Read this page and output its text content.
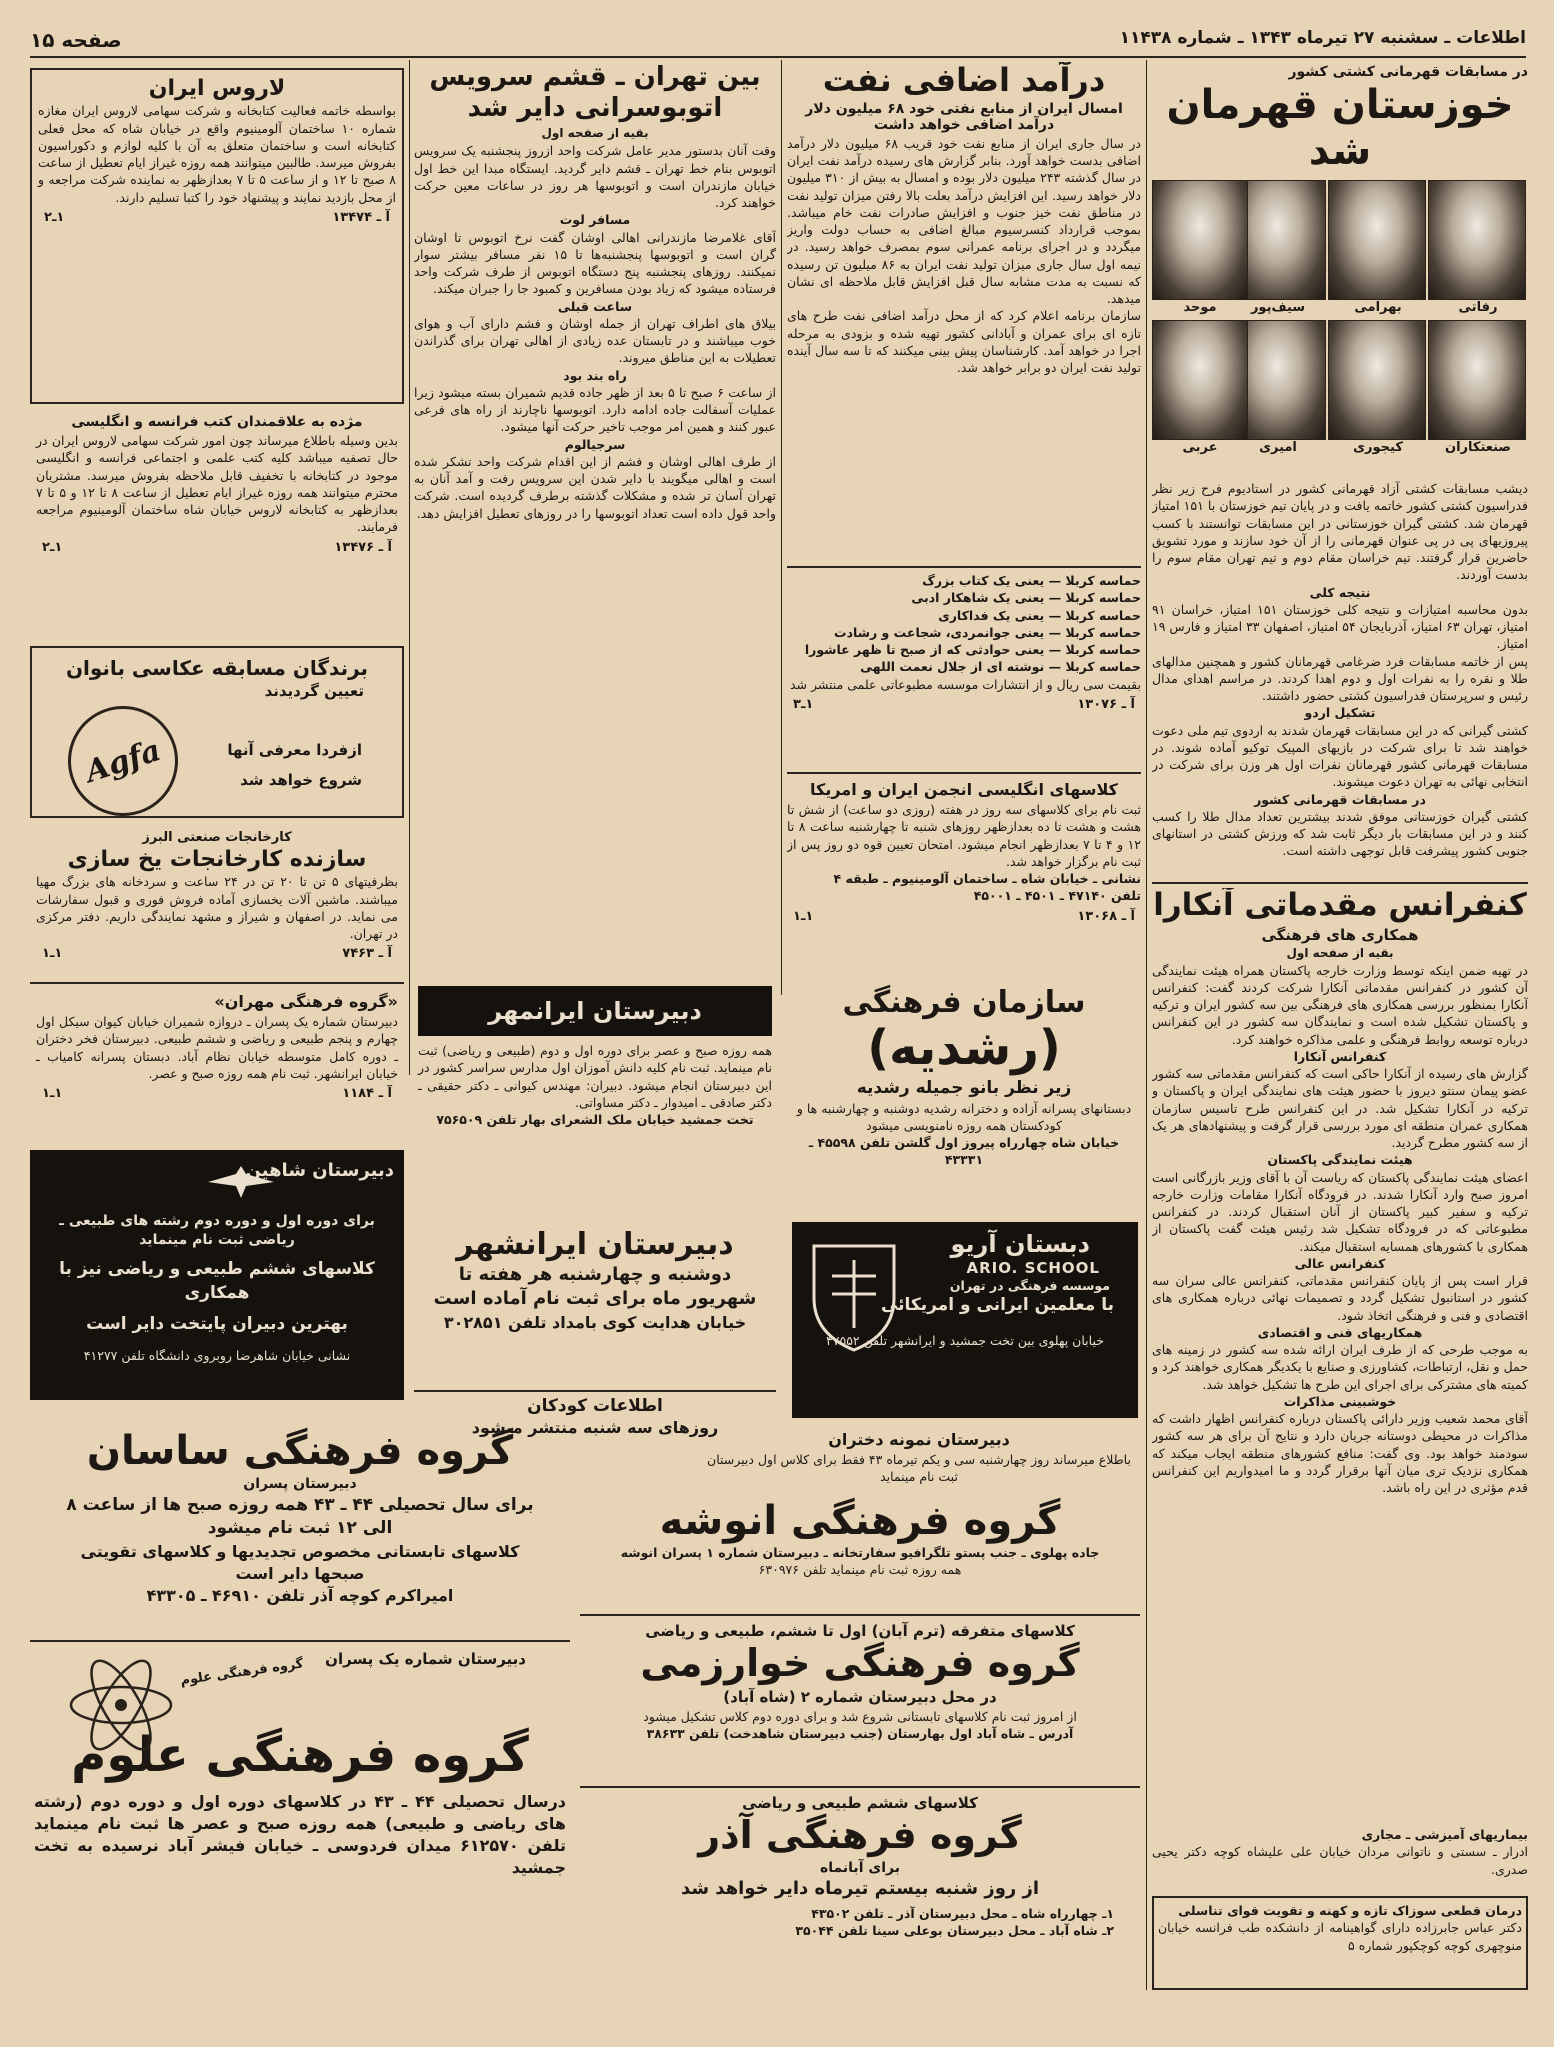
اطلاعات ـ سشنبه ۲۷ تیرماه ۱۳۴۳ ـ شماره ۱۱۴۳۸
صفحه ۱۵
در مسابقات قهرمانی کشتی کشور
خوزستان قهرمان شد
رفاتی
بهرامی
سیف‌پور
موحد
صنعتکاران
کیجوری
امیری
عربی

دیشب مسابقات کشتی آزاد قهرمانی کشور در استادیوم فرح زیر نظر فدراسیون کشتی کشور خاتمه یافت و در پایان تیم خوزستان با ۱۵۱ امتیاز قهرمان شد. کشتی گیران خوزستانی در این مسابقات توانستند با کسب پیروزیهای پی در پی عنوان قهرمانی را از آن خود سازند و مورد تشویق حاضرین قرار گرفتند. تیم خراسان مقام دوم و تیم تهران مقام سوم را بدست آوردند.

نتیجه کلی

بدون محاسبه امتیازات و نتیجه کلی خوزستان ۱۵۱ امتیاز، خراسان ۹۱ امتیاز، تهران ۶۳ امتیاز، آذربایجان ۵۴ امتیاز، اصفهان ۳۳ امتیاز و فارس ۱۹ امتیاز.

پس از خاتمه مسابقات فرد ضرغامی قهرمانان کشور و همچنین مدالهای طلا و نقره را به نفرات اول و دوم اهدا کردند. در مراسم اهدای مدال رئیس و سرپرستان فدراسیون کشتی حضور داشتند.

تشکیل اردو

کشتی گیرانی که در این مسابقات قهرمان شدند به اردوی تیم ملی دعوت خواهند شد تا برای شرکت در بازیهای المپیک توکیو آماده شوند. در مسابقات قهرمانی کشور قهرمانان نفرات اول هر وزن برای شرکت در انتخابی نهائی به تهران دعوت میشوند.

در مسابقات قهرمانی کشور

کشتی گیران خوزستانی موفق شدند بیشترین تعداد مدال طلا را کسب کنند و در این مسابقات بار دیگر ثابت شد که ورزش کشتی در استانهای جنوبی کشور پیشرفت قابل توجهی داشته است.

کنفرانس مقدماتی آنکارا
همکاری های فرهنگی
بقیه از صفحه اول

در تهیه ضمن اینکه توسط وزارت خارجه پاکستان همراه هیئت نمایندگی آن کشور در کنفرانس مقدماتی آنکارا شرکت کردند گفت: کنفرانس آنکارا بمنظور بررسی همکاری های فرهنگی بین سه کشور ایران و ترکیه و پاکستان تشکیل شده است و نمایندگان سه کشور در این کنفرانس درباره توسعه روابط فرهنگی و علمی مذاکره خواهند کرد.

کنفرانس آنکارا

گزارش های رسیده از آنکارا حاکی است که کنفرانس مقدماتی سه کشور عضو پیمان سنتو دیروز با حضور هیئت های نمایندگی ایران و پاکستان و ترکیه در آنکارا تشکیل شد. در این کنفرانس طرح تاسیس سازمان همکاری عمران منطقه ای مورد بررسی قرار گرفت و پیشنهادهای هر یک از سه کشور مطرح گردید.

هیئت نمایندگی پاکستان

اعضای هیئت نمایندگی پاکستان که ریاست آن با آقای وزیر بازرگانی است امروز صبح وارد آنکارا شدند. در فرودگاه آنکارا مقامات وزارت خارجه ترکیه و سفیر کبیر پاکستان از آنان استقبال کردند. در کنفرانس مطبوعاتی که در فرودگاه تشکیل شد رئیس هیئت گفت پاکستان از همکاری با کشورهای همسایه استقبال میکند.

کنفرانس عالی

قرار است پس از پایان کنفرانس مقدماتی، کنفرانس عالی سران سه کشور در استانبول تشکیل گردد و تصمیمات نهائی درباره همکاری های اقتصادی و فنی و فرهنگی اتخاذ شود.

همکاریهای فنی و اقتصادی

به موجب طرحی که از طرف ایران ارائه شده سه کشور در زمینه های حمل و نقل، ارتباطات، کشاورزی و صنایع با یکدیگر همکاری خواهند کرد و کمیته های مشترکی برای اجرای این طرح ها تشکیل خواهد شد.

خوشبینی مذاکرات

آقای محمد شعیب وزیر دارائی پاکستان درباره کنفرانس اظهار داشت که مذاکرات در محیطی دوستانه جریان دارد و نتایج آن برای هر سه کشور سودمند خواهد بود. وی گفت: منافع کشورهای منطقه ایجاب میکند که همکاری نزدیک تری میان آنها برقرار گردد و ما امیدواریم این کنفرانس قدم مؤثری در این راه باشد.

درآمد اضافی نفت
امسال ایران از منابع نفتی خود ۶۸ میلیون دلار درآمد اضافی خواهد داشت

در سال جاری ایران از منابع نفت خود قریب ۶۸ میلیون دلار درآمد اضافی بدست خواهد آورد. بنابر گزارش های رسیده درآمد نفت ایران در سال گذشته ۲۴۳ میلیون دلار بوده و امسال به بیش از ۳۱۰ میلیون دلار خواهد رسید. این افزایش درآمد بعلت بالا رفتن میزان تولید نفت در مناطق نفت خیز جنوب و افزایش صادرات نفت خام میباشد. بموجب قرارداد کنسرسیوم مبالغ اضافی به حساب دولت واریز میگردد و در اجرای برنامه عمرانی سوم بمصرف خواهد رسید. در نیمه اول سال جاری میزان تولید نفت ایران به ۸۶ میلیون تن رسیده که نسبت به مدت مشابه سال قبل افزایش قابل ملاحظه ای نشان میدهد.

سازمان برنامه اعلام کرد که از محل درآمد اضافی نفت طرح های تازه ای برای عمران و آبادانی کشور تهیه شده و بزودی به مرحله اجرا در خواهد آمد. کارشناسان پیش بینی میکنند که تا سه سال آینده تولید نفت ایران دو برابر خواهد شد.

حماسه کربلا — یعنی یک کتاب بزرگ
حماسه کربلا — یعنی یک شاهکار ادبی
حماسه کربلا — یعنی یک فداکاری
حماسه کربلا — یعنی جوانمردی، شجاعت و رشادت
حماسه کربلا — یعنی حوادثی که از صبح تا ظهر عاشورا
حماسه کربلا — نوشته ای از جلال نعمت اللهی
بقیمت سی ریال و از انتشارات موسسه مطبوعاتی علمی منتشر شد
آ ـ ۱۳۰۷۶
۱ـ۳
کلاسهای انگلیسی انجمن ایران و امریکا

ثبت نام برای کلاسهای سه روز در هفته (روزی دو ساعت) از شش تا هشت و هشت تا ده بعدازظهر روزهای شنبه تا چهارشنبه ساعت ۸ تا ۱۲ و ۴ تا ۷ بعدازظهر انجام میشود. امتحان تعیین قوه دو روز پس از ثبت نام برگزار خواهد شد.

نشانی ـ خیابان شاه ـ ساختمان آلومینیوم ـ طبقه ۴
تلفن ۴۷۱۴۰ ـ ۴۵۰۱ ـ ۴۵۰۰۱
آ ـ ۱۳۰۶۸
۱ـ۱
بین تهران ـ قشم سرویس
اتوبوسرانی دایر شد
بقیه از صفحه اول

وقت آنان بدستور مدیر عامل شرکت واحد ازروز پنجشنبه یک سرویس اتوبوس بنام خط تهران ـ قشم دایر گردید. ایستگاه مبدا این خط اول خیابان مازندران است و اتوبوسها هر روز در ساعات معین حرکت خواهند کرد.

مسافر لوت

آقای غلامرضا مازندرانی اهالی اوشان گفت نرخ اتوبوس تا اوشان گران است و اتوبوسها پنجشنبه‌ها تا ۱۵ نفر مسافر بیشتر سوار نمیکنند. روزهای پنجشنبه پنج دستگاه اتوبوس از طرف شرکت واحد فرستاده میشود که زیاد بودن مسافرین و کمبود جا را جبران میکند.

ساعت قبلی

بیلاق های اطراف تهران از جمله اوشان و فشم دارای آب و هوای خوب میباشند و در تابستان عده زیادی از اهالی تهران برای گذراندن تعطیلات به این مناطق میروند.

راه بند بود

از ساعت ۶ صبح تا ۵ بعد از ظهر جاده قدیم شمیران بسته میشود زیرا عملیات آسفالت جاده ادامه دارد. اتوبوسها ناچارند از راه های فرعی عبور کنند و همین امر موجب تاخیر حرکت آنها میشود.

سرجیالوم

از طرف اهالی اوشان و فشم از این اقدام شرکت واحد تشکر شده است و اهالی میگویند با دایر شدن این سرویس رفت و آمد آنان به تهران آسان تر شده و مشکلات گذشته برطرف گردیده است. شرکت واحد قول داده است تعداد اتوبوسها را در روزهای تعطیل افزایش دهد.

لاروس ایران

بواسطه خاتمه فعالیت کتابخانه و شرکت سهامی لاروس ایران مغازه شماره ۱۰ ساختمان آلومینیوم واقع در خیابان شاه که محل فعلی کتابخانه است و ساختمان متعلق به آن با کلیه لوازم و دکوراسیون بفروش میرسد. طالبین میتوانند همه روزه غیراز ایام تعطیل از ساعت ۸ صبح تا ۱۲ و از ساعت ۵ تا ۷ بعدازظهر به نماینده شرکت مراجعه و از محل بازدید نمایند و پیشنهاد خود را کتبا تسلیم دارند.

آ ـ ۱۳۴۷۴
۱ـ۲
مژده به علاقمندان کتب فرانسه و انگلیسی

بدین وسیله باطلاع میرساند چون امور شرکت سهامی لاروس ایران در حال تصفیه میباشد کلیه کتب علمی و اجتماعی فرانسه و انگلیسی موجود در کتابخانه با تخفیف قابل ملاحظه بفروش میرسد. مشتریان محترم میتوانند همه روزه غیراز ایام تعطیل از ساعت ۸ تا ۱۲ و ۵ تا ۷ بعدازظهر به کتابخانه لاروس خیابان شاه ساختمان آلومینیوم مراجعه فرمایند.

آ ـ ۱۳۴۷۶
۱ـ۲
برندگان مسابقه عکاسی بانوان
تعیین گردیدند
Agfa	ازفردا معرفی آنها
شروع خواهد شد
کارخانجات صنعتی البرز
سازنده کارخانجات یخ سازی

بظرفیتهای ۵ تن تا ۲۰ تن در ۲۴ ساعت و سردخانه های بزرگ مهیا میباشند. ماشین آلات یخسازی آماده فروش فوری و قبول سفارشات می نماید. در اصفهان و شیراز و مشهد نمایندگی داریم. دفتر مرکزی در تهران.

آ ـ ۷۴۶۳
۱ـ۱
«گروه فرهنگی مهران»

دبیرستان شماره یک پسران ـ دروازه شمیران خیابان کیوان سیکل اول چهارم و پنجم طبیعی و ریاضی و ششم طبیعی. دبیرستان فخر دختران ـ دوره کامل متوسطه خیابان نظام آباد. دبستان پسرانه کامیاب ـ خیابان ایرانشهر. ثبت نام همه روزه صبح و عصر.

آ ـ ۱۱۸۴
۱ـ۱
دبیرستان شاهین
برای دوره اول و دوره دوم رشته های طبیعی ـ ریاضی ثبت نام مینماید
کلاسهای ششم طبیعی و ریاضی نیز با همکاری
بهترین دبیران پایتخت دایر است
نشانی خیابان شاهرضا روبروی دانشگاه تلفن ۴۱۲۷۷
دبیرستان ایرانمهر

همه روزه صبح و عصر برای دوره اول و دوم (طبیعی و ریاضی) ثبت نام مینماید. ثبت نام کلیه دانش آموزان اول مدارس سراسر کشور در این دبیرستان انجام میشود. دبیران: مهندس کیوانی ـ دکتر حقیقی ـ دکتر صادقی ـ امیدوار ـ دکتر مساواتی.

تخت جمشید خیابان ملک الشعرای بهار تلفن ۷۵۶۵۰۹
دبیرستان ایرانشهر
دوشنبه و چهارشنبه هر هفته تا
شهریور ماه برای ثبت نام آماده است
خیابان هدایت کوی بامداد تلفن ۳۰۲۸۵۱
اطلاعات کودکان
روزهای سه شنبه منتشر میشود
سازمان فرهنگی
(رشدیه)
زیر نظر بانو جمیله رشدیه
دبستانهای پسرانه آزاده و دخترانه رشدیه دوشنبه و چهارشنبه ها و کودکستان همه روزه نامنویسی میشود
خیابان شاه چهارراه پیروز اول گلشن تلفن ۴۵۵۹۸ ـ ۴۳۳۳۱
دبستان آریو
ARIO. SCHOOL
موسسه فرهنگی در تهران
با معلمین ایرانی و امریکائی
خیابان پهلوی بین تخت جمشید و ایرانشهر تلفن ۴۷۵۵۲
دبیرستان نمونه دختران
باطلاع میرساند روز چهارشنبه سی و یکم تیرماه ۴۳ فقط برای کلاس اول دبیرستان ثبت نام مینماید
گروه فرهنگی انوشه
جاده پهلوی ـ جنب پستو تلگرافیو سفارتخانه ـ دبیرستان شماره ۱ پسران انوشه
همه روزه ثبت نام مینماید تلفن ۶۳۰۹۷۶
کلاسهای متفرقه (ترم آبان) اول تا ششم، طبیعی و ریاضی
گروه فرهنگی خوارزمی
در محل دبیرستان شماره ۲ (شاه آباد)
از امروز ثبت نام کلاسهای تابستانی شروع شد و برای دوره دوم کلاس تشکیل میشود
آدرس ـ شاه آباد اول بهارستان (جنب دبیرستان شاهدخت) تلفن ۳۸۶۳۳
کلاسهای ششم طبیعی و ریاضی
گروه فرهنگی آذر
برای آبانماه
از روز شنبه بیستم تیرماه دایر خواهد شد
۱ـ چهارراه شاه ـ محل دبیرستان آذر ـ تلفن ۴۳۵۰۲
۲ـ شاه آباد ـ محل دبیرستان بوعلی سینا تلفن ۳۵۰۴۴
گروه فرهنگی ساسان
دبیرستان پسران
برای سال تحصیلی ۴۴ ـ ۴۳ همه روزه صبح ها از ساعت ۸
الی ۱۲ ثبت نام میشود
کلاسهای تابستانی مخصوص تجدیدیها و کلاسهای تقویتی
صبحها دایر است
امیراکرم کوچه آذر تلفن ۴۶۹۱۰ ـ ۴۳۳۰۵
گروه فرهنگی علوم	دبیرستان شماره یک پسران
گروه فرهنگی علوم

درسال تحصیلی ۴۴ ـ ۴۳ در کلاسهای دوره اول و دوره دوم (رشته های ریاضی و طبیعی) همه روزه صبح و عصر ها ثبت نام مینماید تلفن ۶۱۲۵۷۰ میدان فردوسی ـ خیابان فیشر آباد نرسیده به تخت جمشید

بیماریهای آمیزشی ـ مجاری
ادرار ـ سستی و ناتوانی مردان خیابان علی علیشاه کوچه دکتر یحیی صدری.
درمان قطعی سوزاک تازه و کهنه و تقویت قوای تناسلی
دکتر عباس جابرزاده دارای گواهینامه از دانشکده طب فرانسه خیابان منوچهری کوچه کوچکپور شماره ۵
